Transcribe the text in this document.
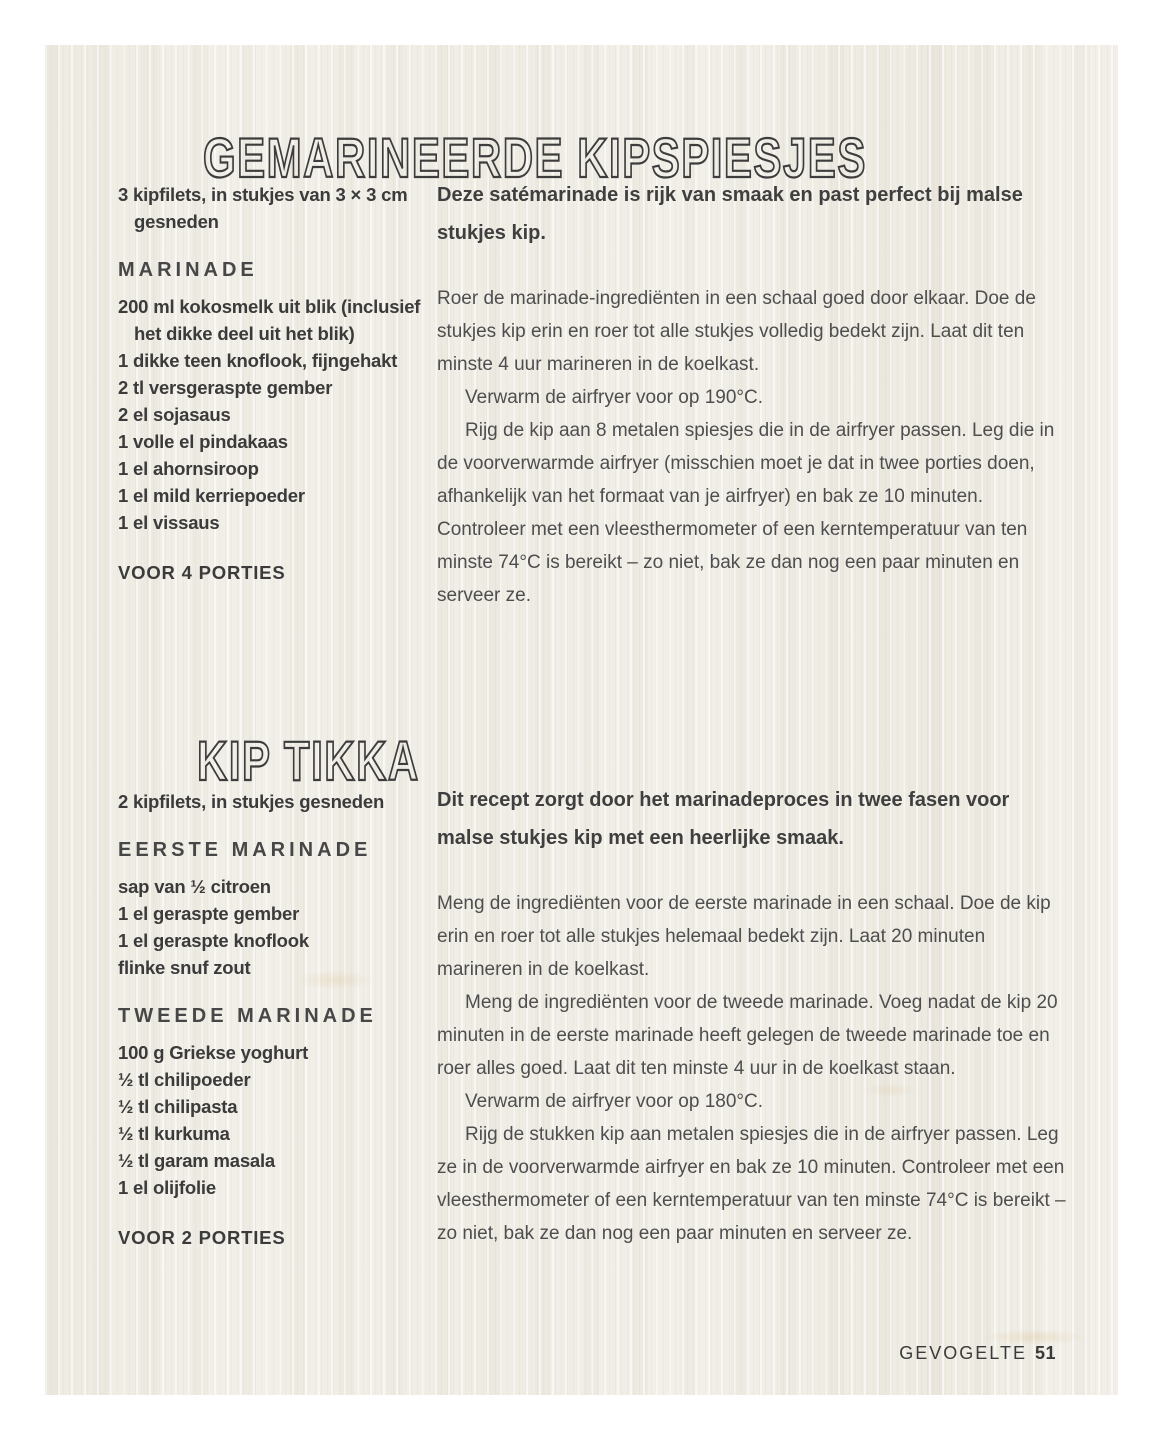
GEMARINEERDE KIPSPIESJES
3 kipfilets, in stukjes van 3 × 3 cm gesneden
MARINADE
200 ml kokosmelk uit blik (inclusief het dikke deel uit het blik)
1 dikke teen knoflook, fijngehakt
2 tl versgeraspte gember
2 el sojasaus
1 volle el pindakaas
1 el ahornsiroop
1 el mild kerriepoeder
1 el vissaus
VOOR 4 PORTIES

Deze satémarinade is rijk van smaak en past perfect bij malse stukjes kip.

Roer de marinade-ingrediënten in een schaal goed door elkaar. Doe de stukjes kip erin en roer tot alle stukjes volledig bedekt zijn. Laat dit ten minste 4 uur marineren in de koelkast.

Verwarm de airfryer voor op 190°C.

Rijg de kip aan 8 metalen spiesjes die in de airfryer passen. Leg die in de voorverwarmde airfryer (misschien moet je dat in twee porties doen, afhankelijk van het formaat van je airfryer) en bak ze 10 minuten. Controleer met een vleesthermometer of een kerntemperatuur van ten minste 74°C is bereikt – zo niet, bak ze dan nog een paar minuten en serveer ze.

KIP TIKKA
2 kipfilets, in stukjes gesneden
EERSTE MARINADE
sap van ½ citroen
1 el geraspte gember
1 el geraspte knoflook
flinke snuf zout
TWEEDE MARINADE
100 g Griekse yoghurt
½ tl chilipoeder
½ tl chilipasta
½ tl kurkuma
½ tl garam masala
1 el olijfolie
VOOR 2 PORTIES

Dit recept zorgt door het marinadeproces in twee fasen voor malse stukjes kip met een heerlijke smaak.

Meng de ingrediënten voor de eerste marinade in een schaal. Doe de kip erin en roer tot alle stukjes helemaal bedekt zijn. Laat 20 minuten marineren in de koelkast.

Meng de ingrediënten voor de tweede marinade. Voeg nadat de kip 20 minuten in de eerste marinade heeft gelegen de tweede marinade toe en roer alles goed. Laat dit ten minste 4 uur in de koelkast staan.

Verwarm de airfryer voor op 180°C.

Rijg de stukken kip aan metalen spiesjes die in de airfryer passen. Leg ze in de voorverwarmde airfryer en bak ze 10 minuten. Controleer met een vleesthermometer of een kerntemperatuur van ten minste 74°C is bereikt – zo niet, bak ze dan nog een paar minuten en serveer ze.

GEVOGELTE 51
